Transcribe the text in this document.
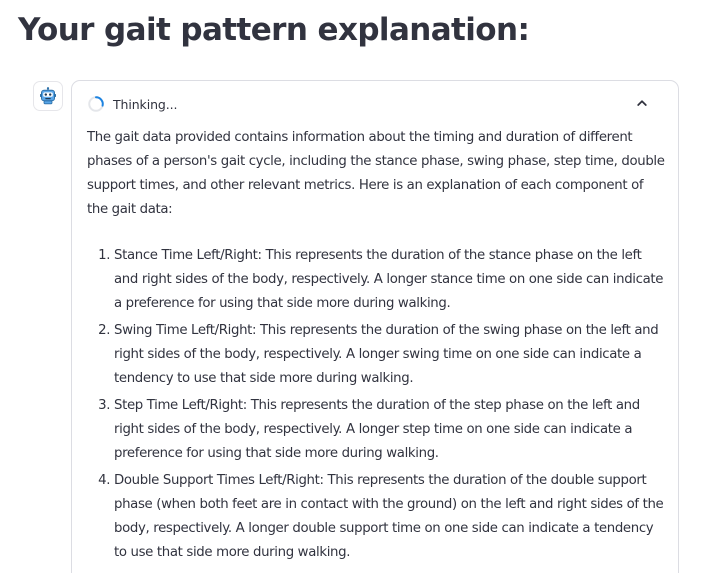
Your gait pattern explanation:
Thinking...

The gait data provided contains information about the timing and duration of different phases of a person's gait cycle, including the stance phase, swing phase, step time, double support times, and other relevant metrics. Here is an explanation of each component of the gait data:

1. Stance Time Left/Right: This represents the duration of the stance phase on the left and right sides of the body, respectively. A longer stance time on one side can indicate a preference for using that side more during walking.
2. Swing Time Left/Right: This represents the duration of the swing phase on the left and right sides of the body, respectively. A longer swing time on one side can indicate a tendency to use that side more during walking.
3. Step Time Left/Right: This represents the duration of the step phase on the left and right sides of the body, respectively. A longer step time on one side can indicate a preference for using that side more during walking.
4. Double Support Times Left/Right: This represents the duration of the double support phase (when both feet are in contact with the ground) on the left and right sides of the body, respectively. A longer double support time on one side can indicate a tendency to use that side more during walking.
